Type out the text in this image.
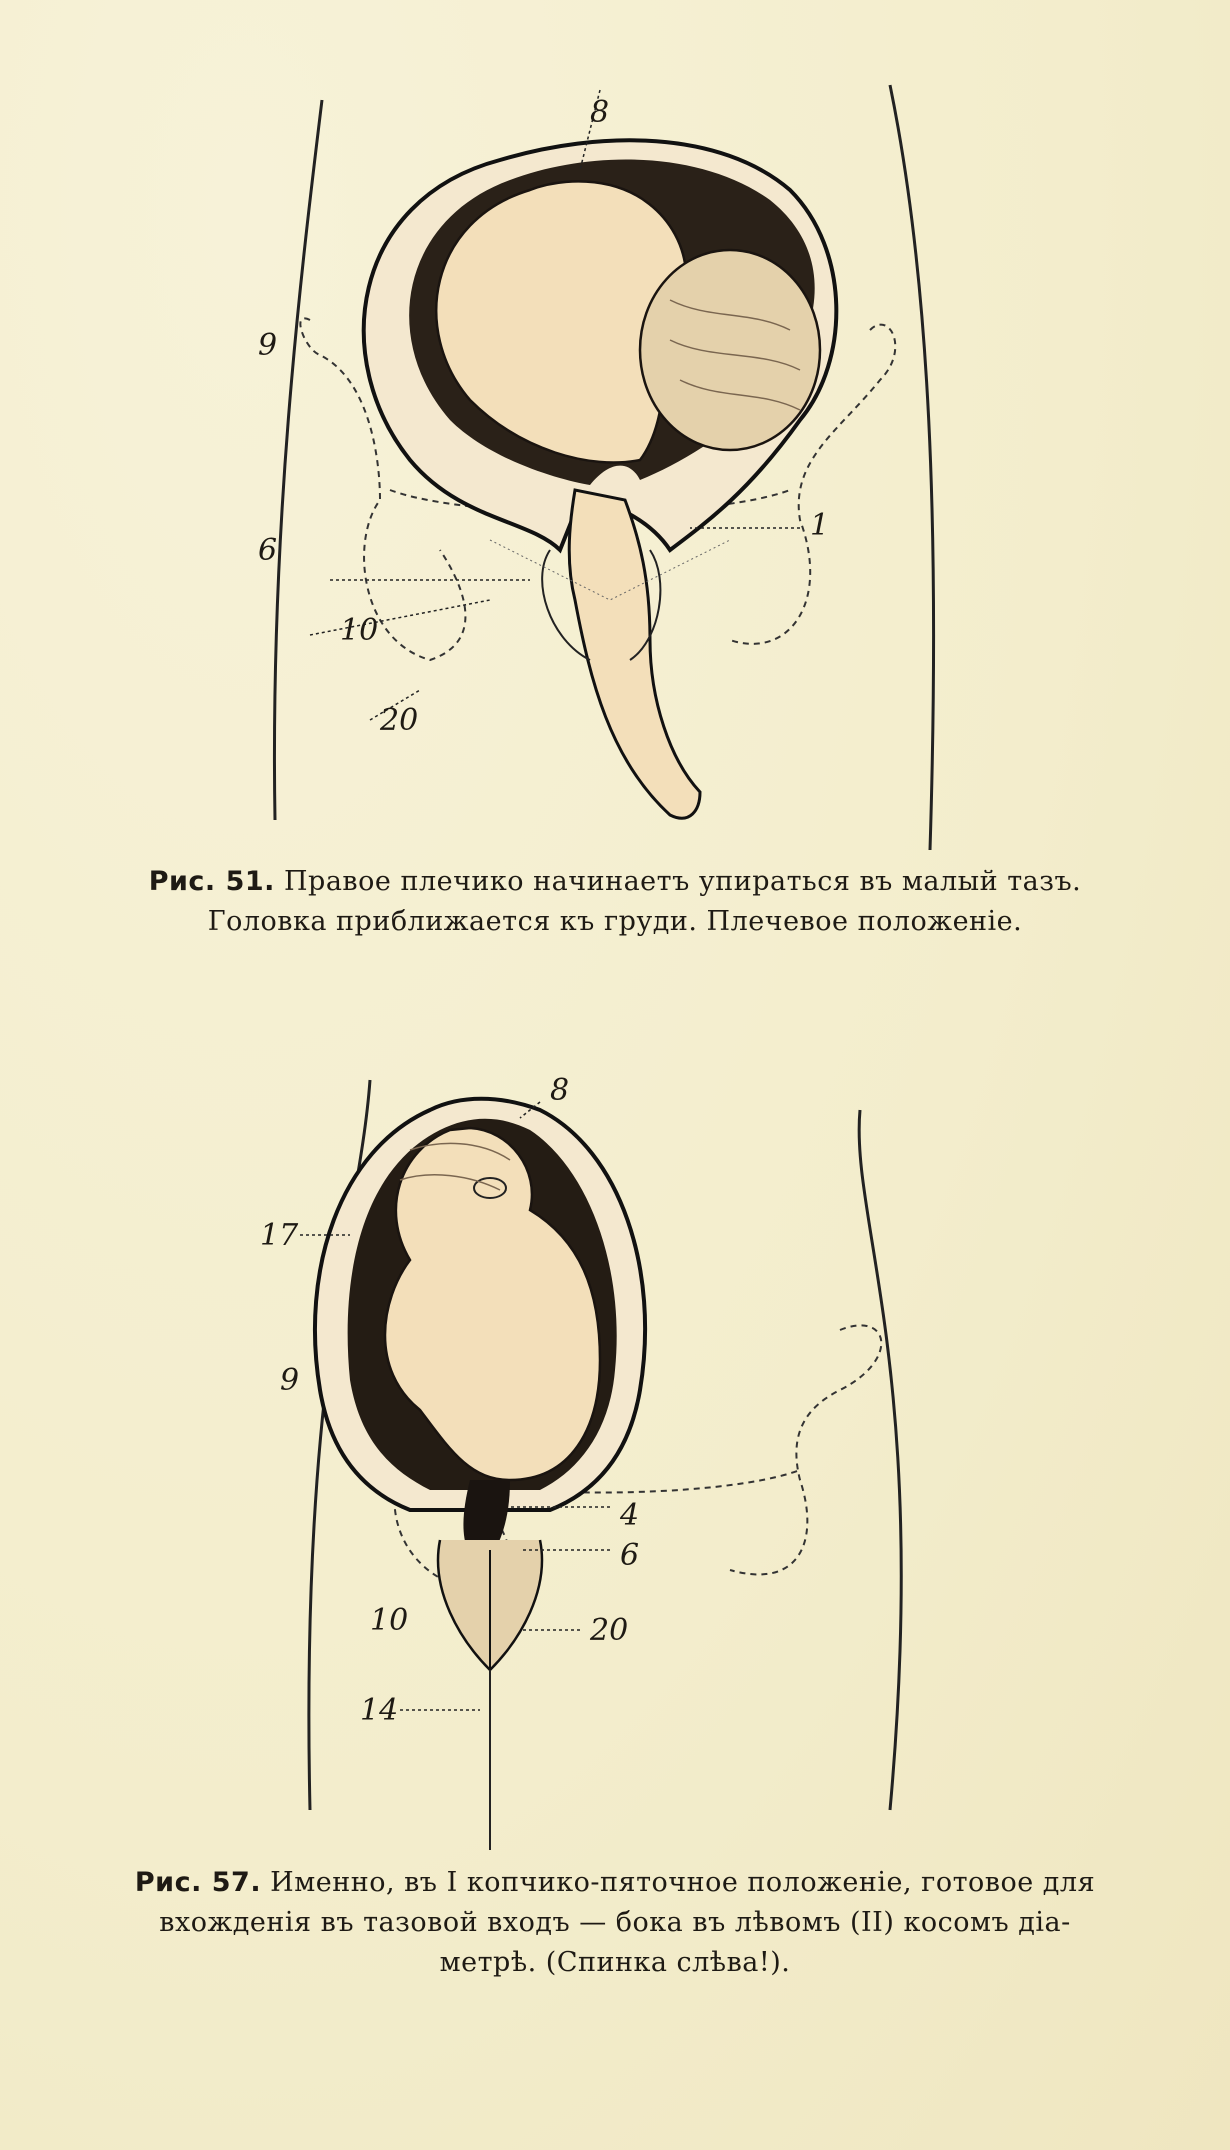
8
9
6
1
10
20
Рис. 51. Правое плечико начинаетъ упираться въ малый тазъ.
Головка приближается къ груди. Плечевое положенiе.
8
17
9
4
6
10	20
14
Рис. 57. Именно, въ I копчико-пяточное положенiе, готовое для
вхожденiя въ тазовой входъ — бока въ лѣвомъ (II) косомъ дiа-
метрѣ. (Спинка слѣва!).
